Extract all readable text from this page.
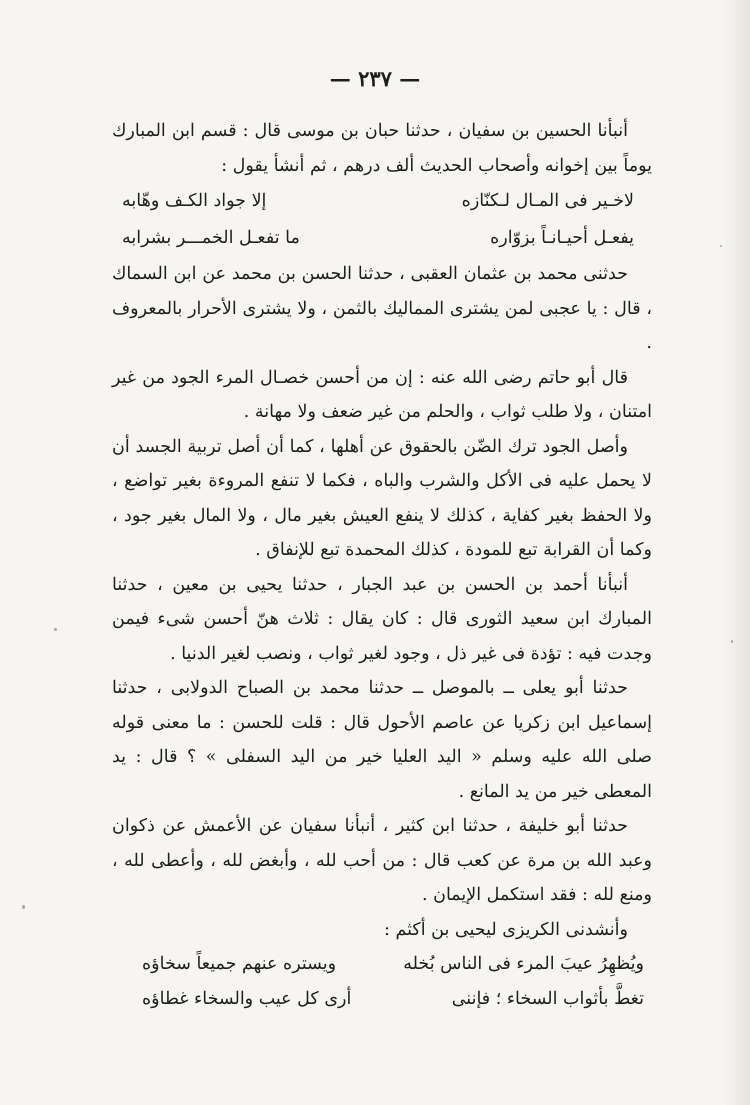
— ٢٣٧ —

أنبأنا الحسين بن سفيان ، حدثنا حبان بن موسى قال : قسم ابن المبارك يوماً بين إخوانه وأصحاب الحديث ألف درهم ، ثم أنشأ يقول :

لاخـير فى المـال لـكنّازه
إلا جواد الكـف وهّابه
يفعـل أحيـانـاً بزوّاره
ما تفعـل الخمـــر بشرابه

حدثنى محمد بن عثمان العقبى ، حدثنا الحسن بن محمد عن ابن السماك ، قال : يا عجبى لمن يشترى المماليك بالثمن ، ولا يشترى الأحرار بالمعروف .

قال أبو حاتم رضى الله عنه : إن من أحسن خصـال المرء الجود من غير امتنان ، ولا طلب ثواب ، والحلم من غير ضعف ولا مهانة .

وأصل الجود ترك الضّن بالحقوق عن أهلها ، كما أن أصل تربية الجسد أن لا يحمل عليه فى الأكل والشرب والباه ، فكما لا تنفع المروءة بغير تواضع ، ولا الحفظ بغير كفاية ، كذلك لا ينفع العيش بغير مال ، ولا المال بغير جود ، وكما أن القرابة تبع للمودة ، كذلك المحمدة تبع للإنفاق .

أنبأنا أحمد بن الحسن بن عبد الجبار ، حدثنا يحيى بن معين ، حدثنا المبارك ابن سعيد الثورى قال : كان يقال : ثلاث هنّ أحسن شىء فيمن وجدت فيه : تؤدة فى غير ذل ، وجود لغير ثواب ، ونصب لغير الدنيا .

حدثنا أبو يعلى ــ بالموصل ــ حدثنا محمد بن الصباح الدولابى ، حدثنا إسماعيل ابن زكريا عن عاصم الأحول قال : قلت للحسن : ما معنى قوله صلى الله عليه وسلم « اليد العليا خير من اليد السفلى » ؟ قال : يد المعطى خير من يد المانع .

حدثنا أبو خليفة ، حدثنا ابن كثير ، أنبأنا سفيان عن الأعمش عن ذكوان وعبد الله بن مرة عن كعب قال : من أحب لله ، وأبغض لله ، وأعطى لله ، ومنع لله : فقد استكمل الإيمان .

وأنشدنى الكريزى ليحيى بن أكثم :

ويُظهِرُ عيبَ المرء فى الناس بُخله
ويستره عنهم جميعاً سخاؤه
تغطَّ بأثواب السخاء ؛ فإننى
أرى كل عيب والسخاء غطاؤه
